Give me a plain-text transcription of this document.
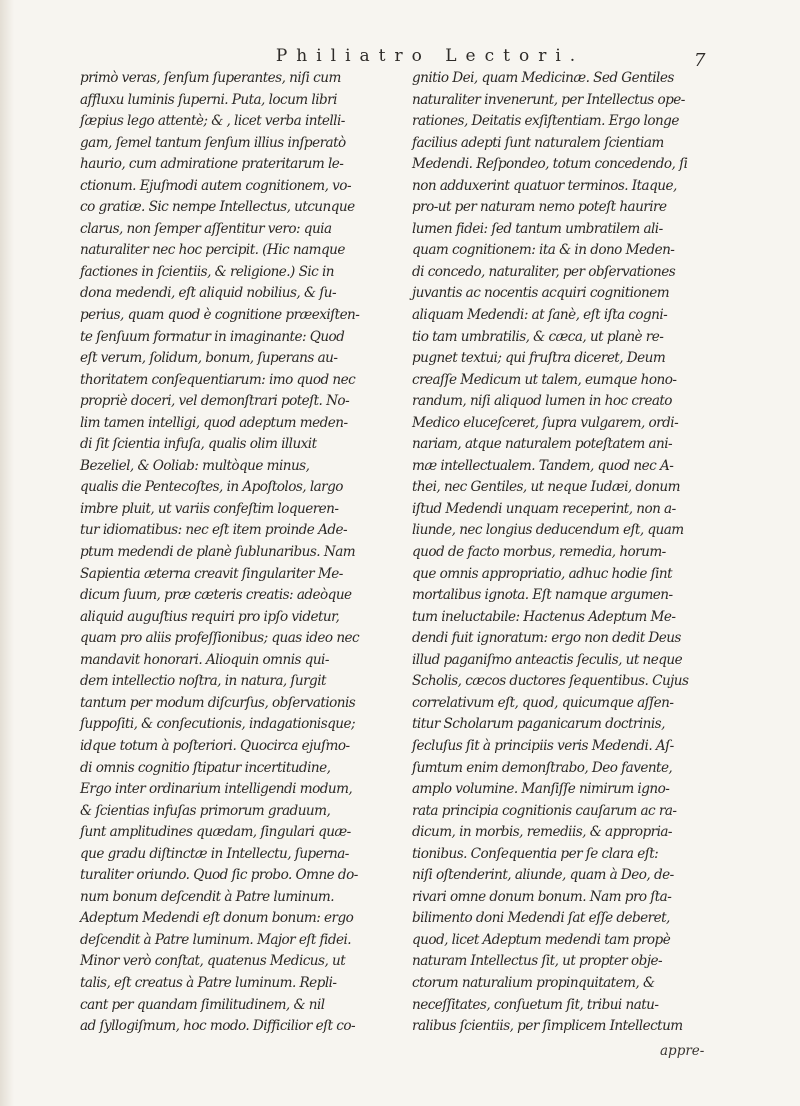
Philiatro Lectori.	7
primò veras, ſenſum ſuperantes, niſi cum
affluxu luminis ſuperni. Puta, locum libri
ſæpius lego attentè; & , licet verba intelli-
gam, ſemel tantum ſenſum illius inſperatò
haurio, cum admiratione prateritarum le-
ctionum. Ejuſmodi autem cognitionem, vo-
co gratiæ. Sic nempe Intellectus, utcunque
clarus, non ſemper aſſentitur vero: quia
naturaliter nec hoc percipit. (Hic namque
factiones in ſcientiis, & religione.) Sic in
dona medendi, eſt aliquid nobilius, & ſu-
perius, quam quod è cognitione præexiſten-
te ſenſuum formatur in imaginante: Quod
eſt verum, ſolidum, bonum, ſuperans au-
thoritatem conſequentiarum: imo quod nec
propriè doceri, vel demonſtrari poteſt. No-
lim tamen intelligi, quod adeptum meden-
di ſit ſcientia infuſa, qualis olim illuxit
Bezeliel, & Ooliab: multòque minus,
qualis die Pentecoſtes, in Apoſtolos, largo
imbre pluit, ut variis confeſtim loqueren-
tur idiomatibus: nec eſt item proinde Ade-
ptum medendi de planè ſublunaribus. Nam
Sapientia æterna creavit ſingulariter Me-
dicum ſuum, præ cæteris creatis: adeòque
aliquid auguſtius requiri pro ipſo videtur,
quam pro aliis profeſſionibus; quas ideo nec
mandavit honorari. Alioquin omnis qui-
dem intellectio noſtra, in natura, ſurgit
tantum per modum diſcurſus, obſervationis
ſuppoſiti, & conſecutionis, indagationisque;
idque totum à poſteriori. Quocirca ejuſmo-
di omnis cognitio ſtipatur incertitudine,
Ergo inter ordinarium intelligendi modum,
& ſcientias infuſas primorum graduum,
ſunt amplitudines quædam, ſingulari quæ-
que gradu diſtinctæ in Intellectu, ſuperna-
turaliter oriundo. Quod ſic probo. Omne do-
num bonum deſcendit à Patre luminum.
Adeptum Medendi eſt donum bonum: ergo
deſcendit à Patre luminum. Major eſt fidei.
Minor verò conſtat, quatenus Medicus, ut
talis, eſt creatus à Patre luminum. Repli-
cant per quandam ſimilitudinem, & nil
ad ſyllogiſmum, hoc modo. Difficilior eſt co-
gnitio Dei, quam Medicinæ. Sed Gentiles
naturaliter invenerunt, per Intellectus ope-
rationes, Deitatis exſiſtentiam. Ergo longe
facilius adepti ſunt naturalem ſcientiam
Medendi. Reſpondeo, totum concedendo, ſi
non adduxerint quatuor terminos. Itaque,
pro-ut per naturam nemo poteſt haurire
lumen fidei: ſed tantum umbratilem ali-
quam cognitionem: ita & in dono Meden-
di concedo, naturaliter, per obſervationes
juvantis ac nocentis acquiri cognitionem
aliquam Medendi: at ſanè, eſt iſta cogni-
tio tam umbratilis, & cæca, ut planè re-
pugnet textui; qui fruſtra diceret, Deum
creaſſe Medicum ut talem, eumque hono-
randum, niſi aliquod lumen in hoc creato
Medico eluceſceret, ſupra vulgarem, ordi-
nariam, atque naturalem poteſtatem ani-
mæ intellectualem. Tandem, quod nec A-
thei, nec Gentiles, ut neque Iudæi, donum
iſtud Medendi unquam receperint, non a-
liunde, nec longius deducendum eſt, quam
quod de facto morbus, remedia, horum-
que omnis appropriatio, adhuc hodie ſint
mortalibus ignota. Eſt namque argumen-
tum ineluctabile: Hactenus Adeptum Me-
dendi fuit ignoratum: ergo non dedit Deus
illud paganiſmo anteactis ſeculis, ut neque
Scholis, cæcos ductores ſequentibus. Cujus
correlativum eſt, quod, quicumque aſſen-
titur Scholarum paganicarum doctrinis,
ſecluſus ſit à principiis veris Medendi. Aſ-
ſumtum enim demonſtrabo, Deo favente,
amplo volumine. Manſiſſe nimirum igno-
rata principia cognitionis cauſarum ac ra-
dicum, in morbis, remediis, & appropria-
tionibus. Conſequentia per ſe clara eſt:
niſi oſtenderint, aliunde, quam à Deo, de-
rivari omne donum bonum. Nam pro ſta-
bilimento doni Medendi ſat eſſe deberet,
quod, licet Adeptum medendi tam propè
naturam Intellectus ſit, ut propter obje-
ctorum naturalium propinquitatem, &
neceſſitates, conſuetum ſit, tribui natu-
ralibus ſcientiis, per ſimplicem Intellectum
appre-
